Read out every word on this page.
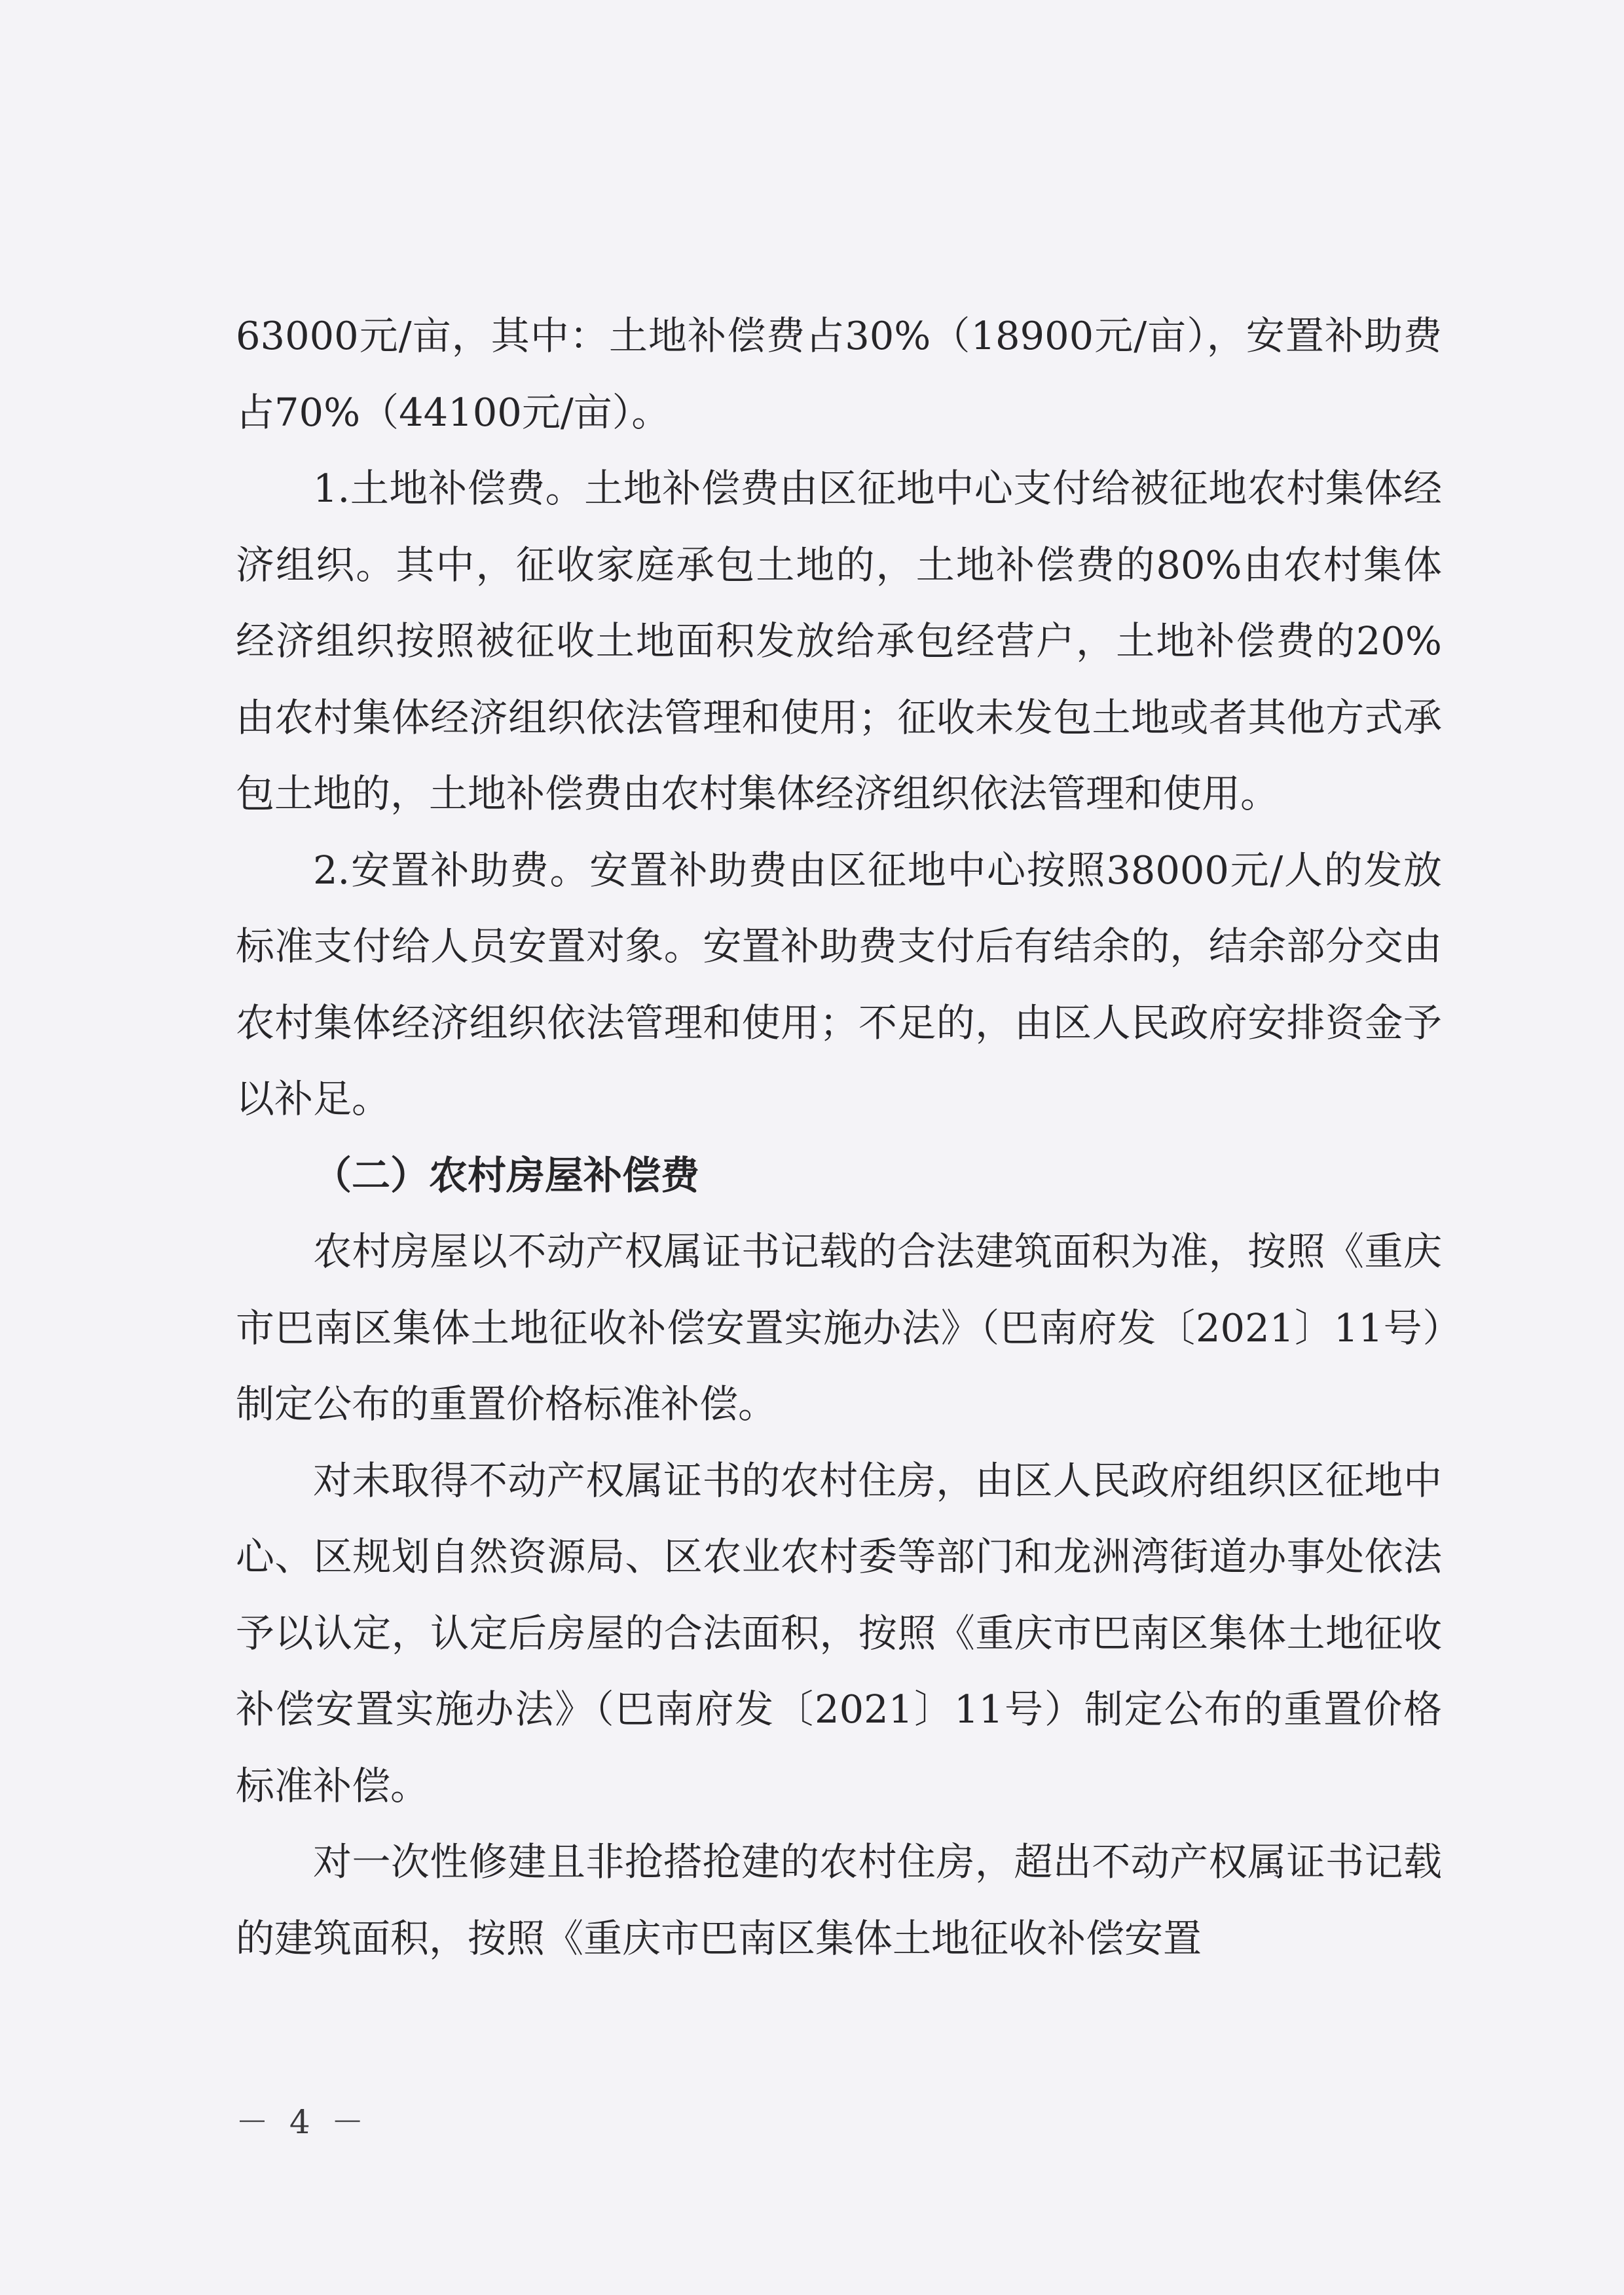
63000元/亩，其中：土地补偿费占30%（18900元/亩），安置补助费占70%（44100元/亩）。

1.土地补偿费。土地补偿费由区征地中心支付给被征地农村集体经济组织。其中，征收家庭承包土地的，土地补偿费的80%由农村集体经济组织按照被征收土地面积发放给承包经营户，土地补偿费的20%由农村集体经济组织依法管理和使用；征收未发包土地或者其他方式承包土地的，土地补偿费由农村集体经济组织依法管理和使用。

2.安置补助费。安置补助费由区征地中心按照38000元/人的发放标准支付给人员安置对象。安置补助费支付后有结余的，结余部分交由农村集体经济组织依法管理和使用；不足的，由区人民政府安排资金予以补足。

（二）农村房屋补偿费

农村房屋以不动产权属证书记载的合法建筑面积为准，按照《重庆市巴南区集体土地征收补偿安置实施办法》（巴南府发〔2021〕11号）制定公布的重置价格标准补偿。

对未取得不动产权属证书的农村住房，由区人民政府组织区征地中心、区规划自然资源局、区农业农村委等部门和龙洲湾街道办事处依法予以认定，认定后房屋的合法面积，按照《重庆市巴南区集体土地征收补偿安置实施办法》（巴南府发〔2021〕11号）制定公布的重置价格标准补偿。

对一次性修建且非抢搭抢建的农村住房，超出不动产权属证书记载的建筑面积，按照《重庆市巴南区集体土地征收补偿安置

－ 4 －
